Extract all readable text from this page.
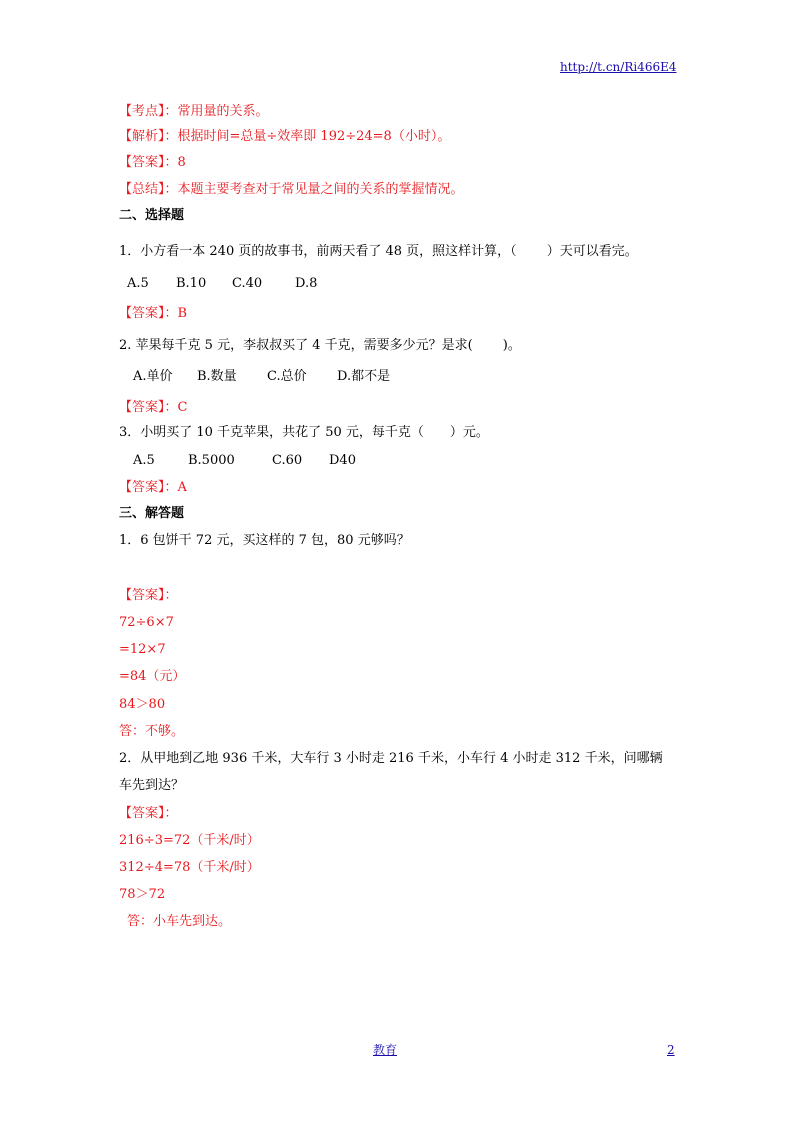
http://t.cn/Ri466E4
【考点】：常用量的关系。
【解析】：根据时间=总量÷效率即 192÷24=8（小时）。
【答案】：8
【总结】：本题主要考查对于常见量之间的关系的掌握情况。
二、选择题
1．小方看一本 240 页的故事书，前两天看了 48 页，照这样计算，（　　 ）天可以看完。
A.5 B.10 C.40	D.8
【答案】：B
2. 苹果每千克 5 元，李叔叔买了 4 千克，需要多少元？是求(　　 )。
A.单价 B.数量 C.总价 D.都不是
【答案】：C
3．小明买了 10 千克苹果，共花了 50 元，每千克（　　）元。
A.5	B.5000	C.60 D40
【答案】：A
三、解答题
1．6 包饼干 72 元，买这样的 7 包，80 元够吗？
【答案】：
72÷6×7
=12×7
=84（元）
84＞80
答：不够。
2．从甲地到乙地 936 千米，大车行 3 小时走 216 千米，小车行 4 小时走 312 千米，问哪辆
车先到达？
【答案】：
216÷3=72（千米/时）
312÷4=78（千米/时）
78＞72
答：小车先到达。
教育	2
